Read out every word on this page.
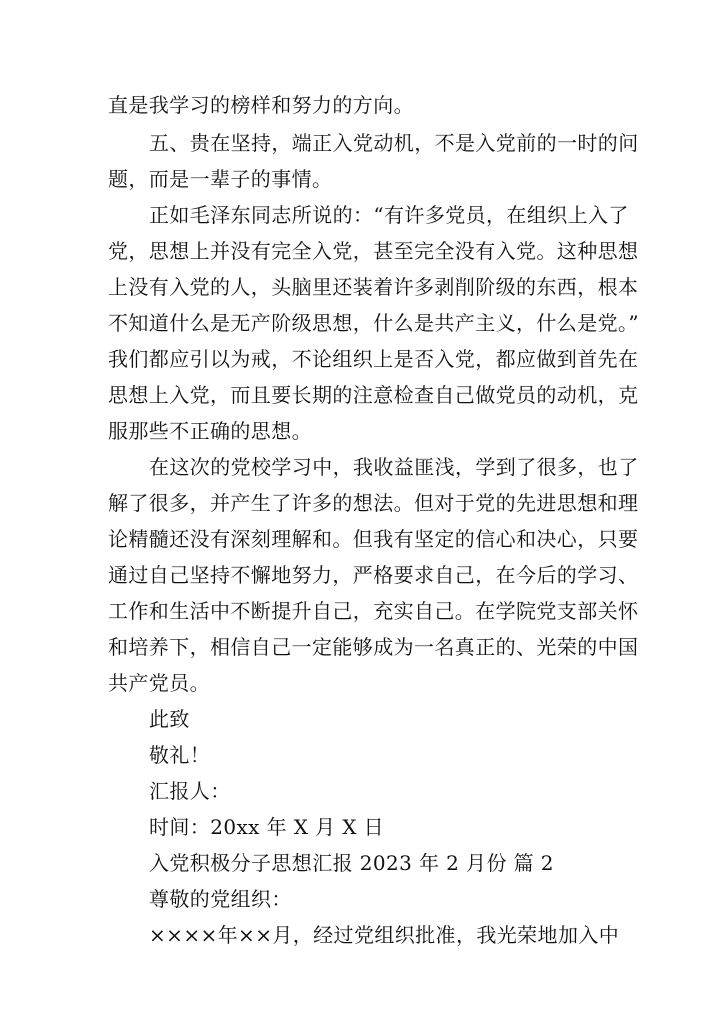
直是我学习的榜样和努力的方向。
五、贵在坚持，端正入党动机，不是入党前的一时的问
题，而是一辈子的事情。
正如毛泽东同志所说的：“有许多党员，在组织上入了
党，思想上并没有完全入党，甚至完全没有入党。这种思想
上没有入党的人，头脑里还装着许多剥削阶级的东西，根本
不知道什么是无产阶级思想，什么是共产主义，什么是党。”
我们都应引以为戒，不论组织上是否入党，都应做到首先在
思想上入党，而且要长期的注意检查自己做党员的动机，克
服那些不正确的思想。
在这次的党校学习中，我收益匪浅，学到了很多，也了
解了很多，并产生了许多的想法。但对于党的先进思想和理
论精髓还没有深刻理解和。但我有坚定的信心和决心，只要
通过自己坚持不懈地努力，严格要求自己，在今后的学习、
工作和生活中不断提升自己，充实自己。在学院党支部关怀
和培养下，相信自己一定能够成为一名真正的、光荣的中国
共产党员。
此致
敬礼！
汇报人：
时间：20xx 年 X 月 X 日
入党积极分子思想汇报 2023 年 2 月份 篇 2
尊敬的党组织：
××××年××月，经过党组织批准，我光荣地加入中
